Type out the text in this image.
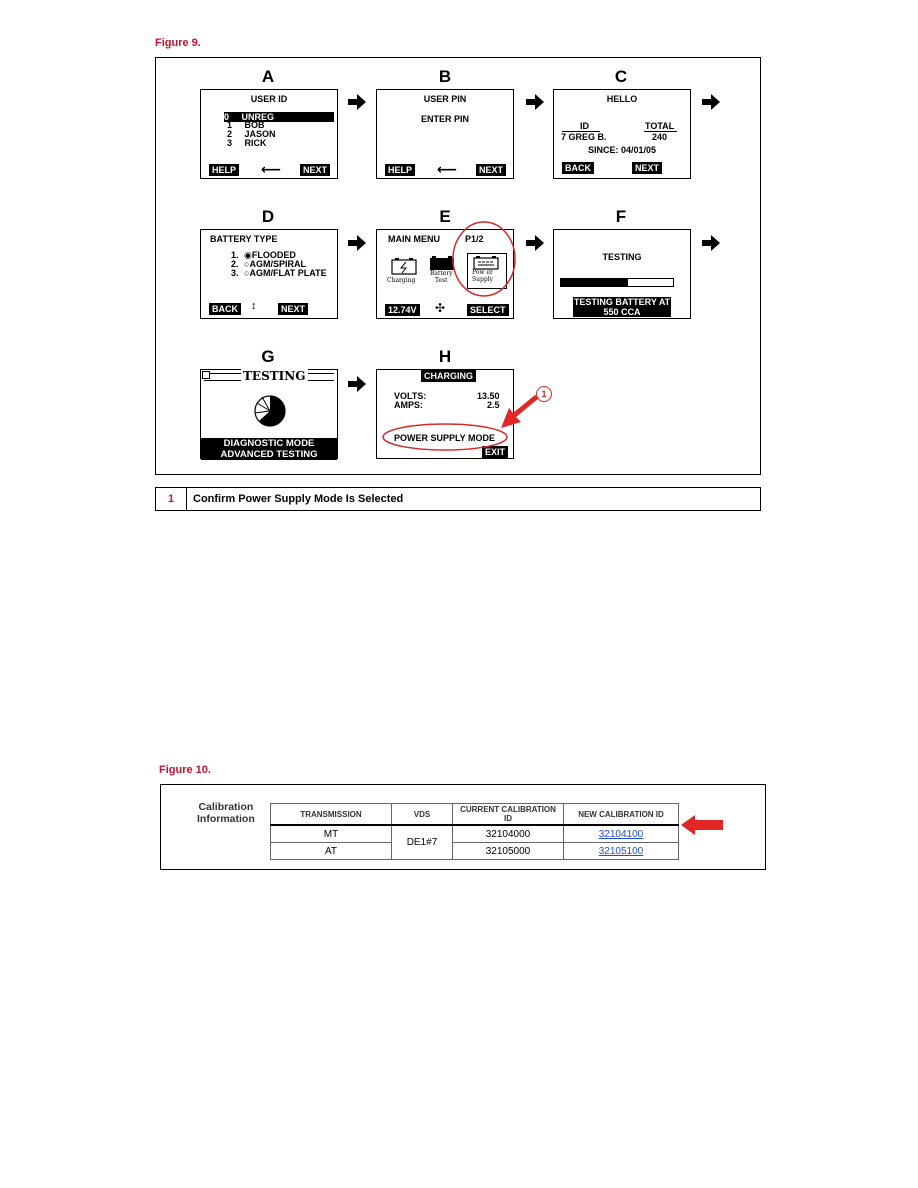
Figure 9.
A	B	C
USER ID
0 UNREG
1 BOB
2 JASON
3 RICK
HELP ⟵	NEXT
USER PIN
ENTER PIN
HELP ⟵	NEXT
HELLO
ID	TOTAL
7 GREG B.	240
SINCE: 04/01/05
BACK	NEXT
D	E	F
BATTERY TYPE
1. ◉FLOODED
2. ○AGM/SPIRAL
3. ○AGM/FLAT PLATE
BACK ↕	NEXT
MAIN MENU	P1/2
Charging
Battery
Test
Pow er
Supply
12.74V ✣	SELECT
TESTING
TESTING BATTERY AT
550 CCA
G	H
TESTING
DIAGNOSTIC MODE
ADVANCED TESTING
CHARGING
VOLTS:	13.50
AMPS:	2.5
POWER SUPPLY MODE
EXIT
1
1	Confirm Power Supply Mode Is Selected
Figure 10.
Calibration
Information	TRANSMISSION	VDS	CURRENT CALIBRATION ID	NEW CALIBRATION ID
MT	DE1#7	32104000	32104100
AT		32105000	32105100
